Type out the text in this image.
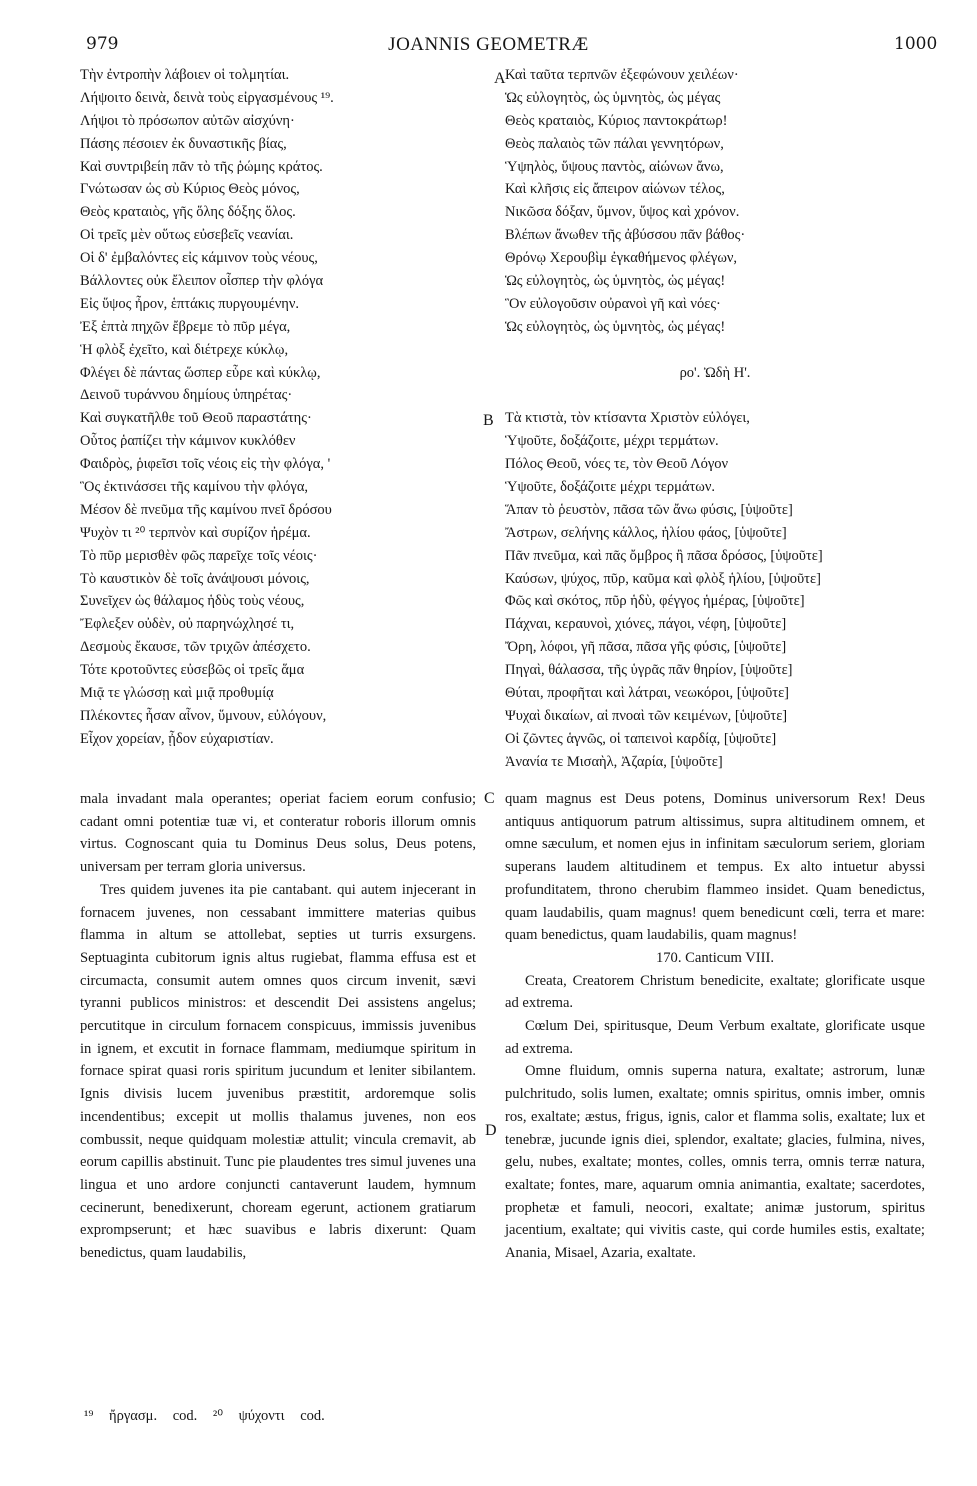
979	JOANNIS GEOMETRÆ	1000
A
B
C
D
Τὴν ἐντροπὴν λάβοιεν οἱ τολμητίαι.
Λήψοιτο δεινὰ, δεινὰ τοὺς εἰργασμένους ¹⁹.
Λήψοι τὸ πρόσωπον αὐτῶν αἰσχύνη·
Πάσης πέσοιεν ἐκ δυναστικῆς βίας,
Καὶ συντριβείη πᾶν τὸ τῆς ῥώμης κράτος.
Γνώτωσαν ὡς σὺ Κύριος Θεὸς μόνος,
Θεὸς κραταιὸς, γῆς ὅλης δόξης ὅλος.
Οἱ τρεῖς μὲν οὕτως εὐσεβεῖς νεανίαι.
Οἱ δ' ἐμβαλόντες εἰς κάμινον τοὺς νέους,
Βάλλοντες οὐκ ἔλειπον οἷσπερ τὴν φλόγα
Εἰς ὕψος ἦρον, ἑπτάκις πυργουμένην.
Ἐξ ἑπτὰ πηχῶν ἔβρεμε τὸ πῦρ μέγα,
Ἡ φλὸξ ἐχεῖτο, καὶ διέτρεχε κύκλῳ,
Φλέγει δὲ πάντας ὥσπερ εὗρε καὶ κύκλῳ,
Δεινοῦ τυράννου δημίους ὑπηρέτας·
Καὶ συγκατῆλθε τοῦ Θεοῦ παραστάτης·
Οὗτος ῥαπίζει τὴν κάμινον κυκλόθεν
Φαιδρὸς, ῥιφεῖσι τοῖς νέοις εἰς τὴν φλόγα, '
Ὃς ἐκτινάσσει τῆς καμίνου τὴν φλόγα,
Μέσον δὲ πνεῦμα τῆς καμίνου πνεῖ δρόσου
Ψυχὸν τι ²⁰ τερπνὸν καὶ συρίζον ἠρέμα.
Τὸ πῦρ μερισθὲν φῶς παρεῖχε τοῖς νέοις·
Τὸ καυστικὸν δὲ τοῖς ἀνάψουσι μόνοις,
Συνεῖχεν ὡς θάλαμος ἡδὺς τοὺς νέους,
Ἔφλεξεν οὐδὲν, οὐ παρηνώχλησέ τι,
Δεσμοὺς ἔκαυσε, τῶν τριχῶν ἀπέσχετο.
Τότε κροτοῦντες εὐσεβῶς οἱ τρεῖς ἅμα
Μιᾷ τε γλώσσῃ καὶ μιᾷ προθυμίᾳ
Πλέκοντες ἦσαν αἶνον, ὕμνουν, εὐλόγουν,
Εἶχον χορείαν, ᾖδον εὐχαριστίαν.
Καὶ ταῦτα τερπνῶν ἐξεφώνουν χειλέων·
Ὡς εὐλογητὸς, ὡς ὑμνητὸς, ὡς μέγας
Θεὸς κραταιὸς, Κύριος παντοκράτωρ!
Θεὸς παλαιὸς τῶν πάλαι γεννητόρων,
Ὑψηλὸς, ὕψους παντὸς, αἰώνων ἄνω,
Καὶ κλῆσις εἰς ἄπειρον αἰώνων τέλος,
Νικῶσα δόξαν, ὕμνον, ὕψος καὶ χρόνον.
Βλέπων ἄνωθεν τῆς ἀβύσσου πᾶν βάθος·
Θρόνῳ Χερουβὶμ ἐγκαθήμενος φλέγων,
Ὡς εὐλογητὸς, ὡς ὑμνητὸς, ὡς μέγας!
Ὃν εὐλογοῦσιν οὐρανοὶ γῆ καὶ νόες·
Ὡς εὐλογητὸς, ὡς ὑμνητὸς, ὡς μέγας!
ρο'. Ὠδὴ Η'.
Τὰ κτιστὰ, τὸν κτίσαντα Χριστὸν εὐλόγει,
Ὑψοῦτε, δοξάζοιτε, μέχρι τερμάτων.
Πόλος Θεοῦ, νόες τε, τὸν Θεοῦ Λόγον
Ὑψοῦτε, δοξάζοιτε μέχρι τερμάτων.
Ἅπαν τὸ ῥευστὸν, πᾶσα τῶν ἄνω φύσις, [ὑψοῦτε]
Ἄστρων, σελήνης κάλλος, ἡλίου φάος, [ὑψοῦτε]
Πᾶν πνεῦμα, καὶ πᾶς ὄμβρος ἢ πᾶσα δρόσος, [ὑψοῦτε]
Καύσων, ψύχος, πῦρ, καῦμα καὶ φλὸξ ἡλίου, [ὑψοῦτε]
Φῶς καὶ σκότος, πῦρ ἡδὺ, φέγγος ἡμέρας, [ὑψοῦτε]
Πάχναι, κεραυνοὶ, χιόνες, πάγοι, νέφη, [ὑψοῦτε]
Ὄρη, λόφοι, γῆ πᾶσα, πᾶσα γῆς φύσις, [ὑψοῦτε]
Πηγαὶ, θάλασσα, τῆς ὑγρᾶς πᾶν θηρίον, [ὑψοῦτε]
Θύται, προφῆται καὶ λάτραι, νεωκόροι, [ὑψοῦτε]
Ψυχαὶ δικαίων, αἱ πνοαὶ τῶν κειμένων, [ὑψοῦτε]
Οἱ ζῶντες ἁγνῶς, οἱ ταπεινοὶ καρδίᾳ, [ὑψοῦτε]
Ἀνανία τε Μισαὴλ, Ἀζαρία, [ὑψοῦτε]

mala invadant mala operantes; operiat faciem eorum confusio; cadant omni potentiæ tuæ vi, et conteratur roboris illorum omnis virtus. Cognoscant quia tu Dominus Deus solus, Deus potens, universam per terram gloria universus.

Tres quidem juvenes ita pie cantabant. qui autem injecerant in fornacem juvenes, non cessabant immittere materias quibus flamma in altum se attollebat, septies ut turris exsurgens. Septuaginta cubitorum ignis altus rugiebat, flamma effusa est et circumacta, consumit autem omnes quos circum invenit, sævi tyranni publicos ministros: et descendit Dei assistens angelus; percutitque in circulum fornacem conspicuus, immissis juvenibus in ignem, et excutit in fornace flammam, mediumque spiritum in fornace spirat quasi roris spiritum jucundum et leniter sibilantem. Ignis divisis lucem juvenibus præstitit, ardoremque solis incendentibus; excepit ut mollis thalamus juvenes, non eos combussit, neque quidquam molestiæ attulit; vincula cremavit, ab eorum capillis abstinuit. Tunc pie plaudentes tres simul juvenes una lingua et uno ardore conjuncti cantaverunt laudem, hymnum cecinerunt, benedixerunt, choream egerunt, actionem gratiarum exprompserunt; et hæc suavibus e labris dixerunt: Quam benedictus, quam laudabilis,

quam magnus est Deus potens, Dominus universorum Rex! Deus antiquus antiquorum patrum altissimus, supra altitudinem omnem, et omne sæculum, et nomen ejus in infinitam sæculorum seriem, gloriam superans laudem altitudinem et tempus. Ex alto intuetur abyssi profunditatem, throno cherubim flammeo insidet. Quam benedictus, quam laudabilis, quam magnus! quem benedicunt cœli, terra et mare: quam benedictus, quam laudabilis, quam magnus!

170. Canticum VIII.

Creata, Creatorem Christum benedicite, exaltate; glorificate usque ad extrema.

Cœlum Dei, spiritusque, Deum Verbum exaltate, glorificate usque ad extrema.

Omne fluidum, omnis superna natura, exaltate; astrorum, lunæ pulchritudo, solis lumen, exaltate; omnis spiritus, omnis imber, omnis ros, exaltate; æstus, frigus, ignis, calor et flamma solis, exaltate; lux et tenebræ, jucunde ignis diei, splendor, exaltate; glacies, fulmina, nives, gelu, nubes, exaltate; montes, colles, omnis terra, omnis terræ natura, exaltate; fontes, mare, aquarum omnia animantia, exaltate; sacerdotes, prophetæ et famuli, neocori, exaltate; animæ justorum, spiritus jacentium, exaltate; qui vivitis caste, qui corde humiles estis, exaltate; Anania, Misael, Azaria, exaltate.

¹⁹ ἤργασμ. cod. ²⁰ ψύχοντι cod.
